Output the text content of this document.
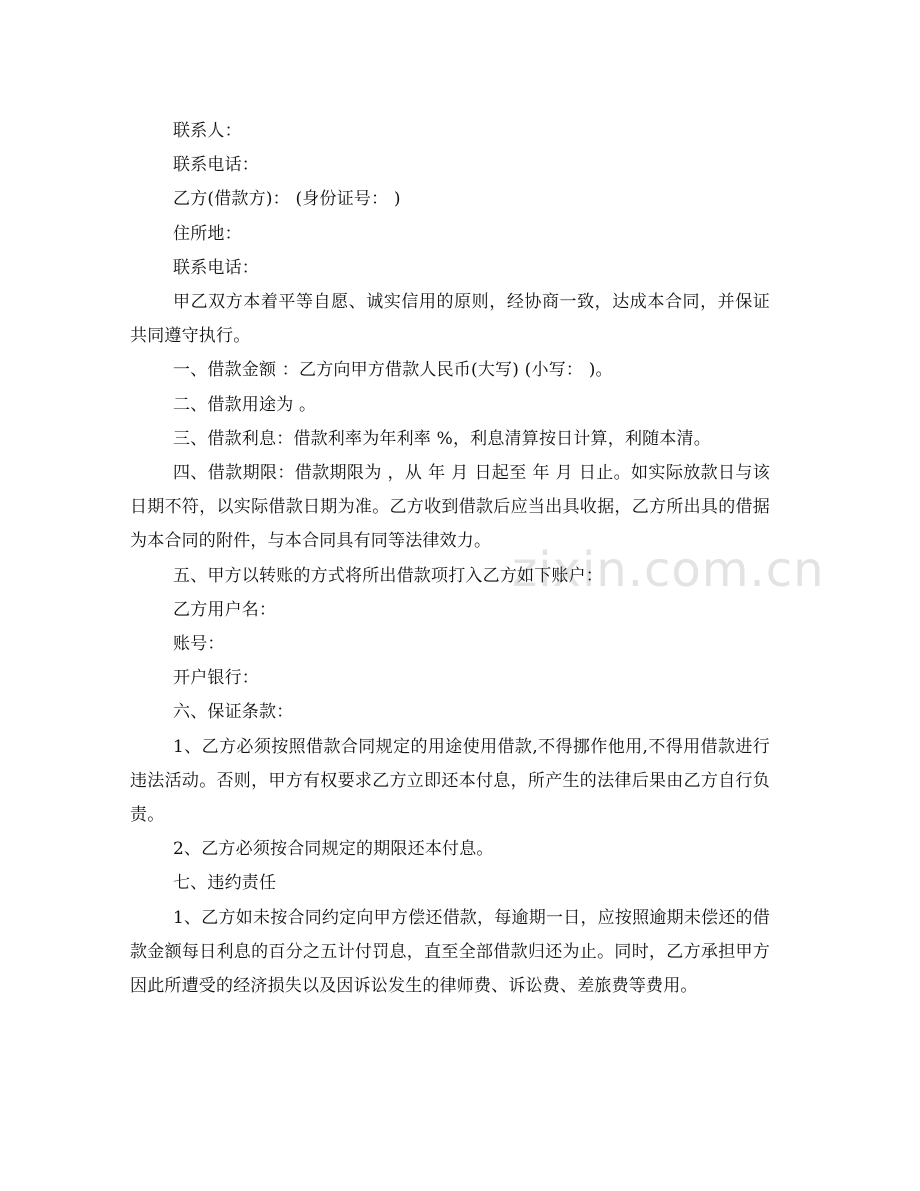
zixin.com.cn

联系人：

联系电话：

乙方(借款方)： (身份证号： )

住所地：

联系电话：

甲乙双方本着平等自愿、诚实信用的原则，经协商一致，达成本合同，并保证共同遵守执行。

一、借款金额 ：乙方向甲方借款人民币(大写) (小写： )。

二、借款用途为 。

三、借款利息：借款利率为年利率 %，利息清算按日计算，利随本清。

四、借款期限：借款期限为 ，从 年 月 日起至 年 月 日止。如实际放款日与该日期不符，以实际借款日期为准。乙方收到借款后应当出具收据，乙方所出具的借据为本合同的附件，与本合同具有同等法律效力。

五、甲方以转账的方式将所出借款项打入乙方如下账户：

乙方用户名：

账号：

开户银行：

六、保证条款：

1、乙方必须按照借款合同规定的用途使用借款,不得挪作他用,不得用借款进行违法活动。否则，甲方有权要求乙方立即还本付息，所产生的法律后果由乙方自行负责。

2、乙方必须按合同规定的期限还本付息。

七、违约责任

1、乙方如未按合同约定向甲方偿还借款，每逾期一日，应按照逾期未偿还的借款金额每日利息的百分之五计付罚息，直至全部借款归还为止。同时，乙方承担甲方因此所遭受的经济损失以及因诉讼发生的律师费、诉讼费、差旅费等费用。
